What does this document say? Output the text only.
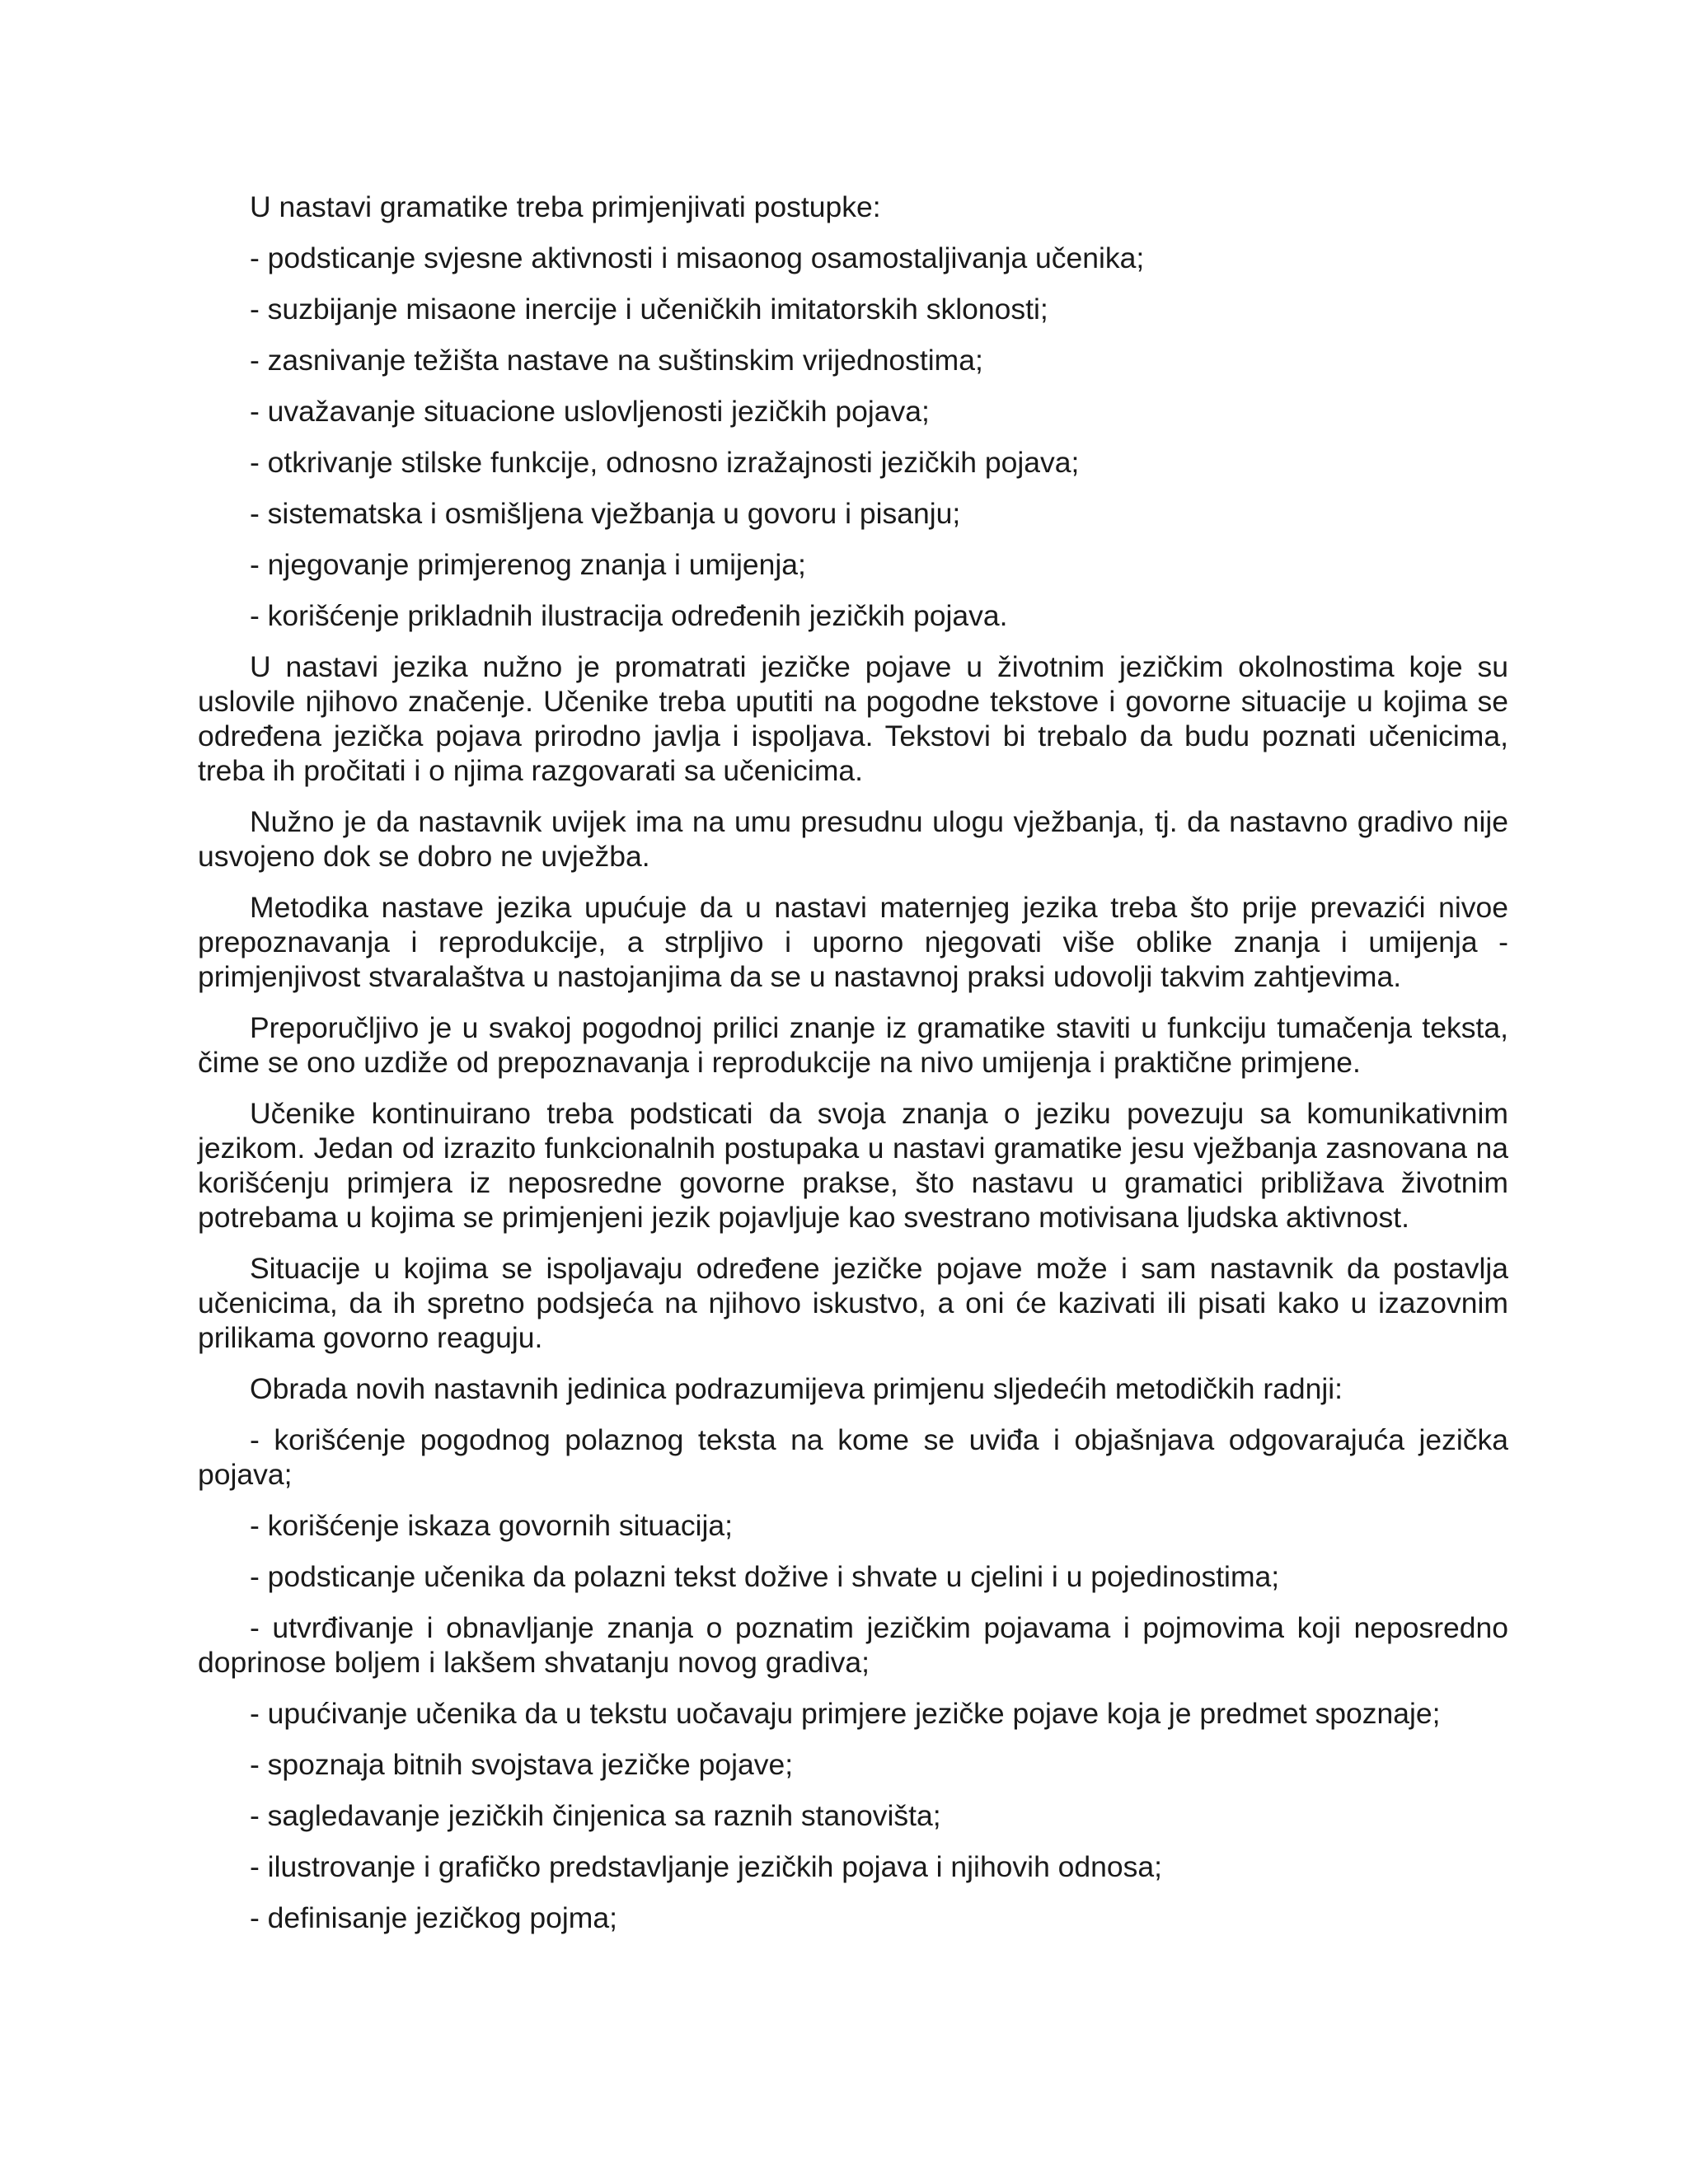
U nastavi gramatike treba primjenjivati postupke:

- podsticanje svjesne aktivnosti i misaonog osamostaljivanja učenika;

- suzbijanje misaone inercije i učeničkih imitatorskih sklonosti;

- zasnivanje težišta nastave na suštinskim vrijednostima;

- uvažavanje situacione uslovljenosti jezičkih pojava;

- otkrivanje stilske funkcije, odnosno izražajnosti jezičkih pojava;

- sistematska i osmišljena vježbanja u govoru i pisanju;

- njegovanje primjerenog znanja i umijenja;

- korišćenje prikladnih ilustracija određenih jezičkih pojava.

U nastavi jezika nužno je promatrati jezičke pojave u životnim jezičkim okolnostima koje su uslovile njihovo značenje. Učenike treba uputiti na pogodne tekstove i govorne situacije u kojima se određena jezička pojava prirodno javlja i ispoljava. Tekstovi bi trebalo da budu poznati učenicima, treba ih pročitati i o njima razgovarati sa učenicima.

Nužno je da nastavnik uvijek ima na umu presudnu ulogu vježbanja, tj. da nastavno gradivo nije usvojeno dok se dobro ne uvježba.

Metodika nastave jezika upućuje da u nastavi maternjeg jezika treba što prije prevazići nivoe prepoznavanja i reprodukcije, a strpljivo i uporno njegovati više oblike znanja i umijenja - primjenjivost stvaralaštva u nastojanjima da se u nastavnoj praksi udovolji takvim zahtjevima.

Preporučljivo je u svakoj pogodnoj prilici znanje iz gramatike staviti u funkciju tumačenja teksta, čime se ono uzdiže od prepoznavanja i reprodukcije na nivo umijenja i praktične primjene.

Učenike kontinuirano treba podsticati da svoja znanja o jeziku povezuju sa komunikativnim jezikom. Jedan od izrazito funkcionalnih postupaka u nastavi gramatike jesu vježbanja zasnovana na korišćenju primjera iz neposredne govorne prakse, što nastavu u gramatici približava životnim potrebama u kojima se primjenjeni jezik pojavljuje kao svestrano motivisana ljudska aktivnost.

Situacije u kojima se ispoljavaju određene jezičke pojave može i sam nastavnik da postavlja učenicima, da ih spretno podsjeća na njihovo iskustvo, a oni će kazivati ili pisati kako u izazovnim prilikama govorno reaguju.

Obrada novih nastavnih jedinica podrazumijeva primjenu sljedećih metodičkih radnji:

- korišćenje pogodnog polaznog teksta na kome se uviđa i objašnjava odgovarajuća jezička pojava;

- korišćenje iskaza govornih situacija;

- podsticanje učenika da polazni tekst dožive i shvate u cjelini i u pojedinostima;

- utvrđivanje i obnavljanje znanja o poznatim jezičkim pojavama i pojmovima koji neposredno doprinose boljem i lakšem shvatanju novog gradiva;

- upućivanje učenika da u tekstu uočavaju primjere jezičke pojave koja je predmet spoznaje;

- spoznaja bitnih svojstava jezičke pojave;

- sagledavanje jezičkih činjenica sa raznih stanovišta;

- ilustrovanje i grafičko predstavljanje jezičkih pojava i njihovih odnosa;

- definisanje jezičkog pojma;
